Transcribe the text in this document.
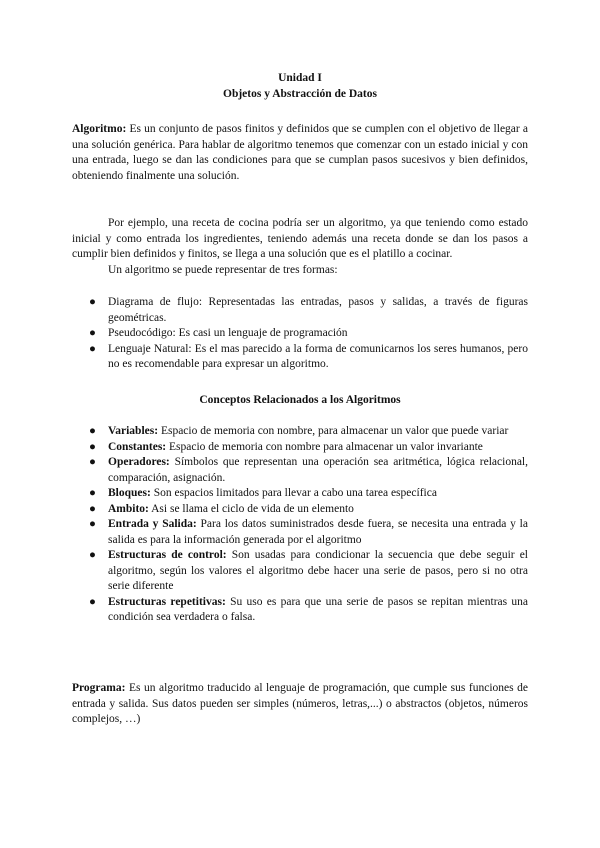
Unidad I
Objetos y Abstracción de Datos

Algoritmo: Es un conjunto de pasos finitos y definidos que se cumplen con el objetivo de llegar a una solución genérica. Para hablar de algoritmo tenemos que comenzar con un estado inicial y con una entrada, luego se dan las condiciones para que se cumplan pasos sucesivos y bien definidos, obteniendo finalmente una solución.

Por ejemplo, una receta de cocina podría ser un algoritmo, ya que teniendo como estado inicial y como entrada los ingredientes, teniendo además una receta donde se dan los pasos a cumplir bien definidos y finitos, se llega a una solución que es el platillo a cocinar.

Un algoritmo se puede representar de tres formas:

● Diagrama de flujo: Representadas las entradas, pasos y salidas, a través de figuras geométricas.
● Pseudocódigo: Es casi un lenguaje de programación
● Lenguaje Natural: Es el mas parecido a la forma de comunicarnos los seres humanos, pero no es recomendable para expresar un algoritmo.
Conceptos Relacionados a los Algoritmos
● Variables: Espacio de memoria con nombre, para almacenar un valor que puede variar
● Constantes: Espacio de memoria con nombre para almacenar un valor invariante
● Operadores: Símbolos que representan una operación sea aritmética, lógica relacional, comparación, asignación.
● Bloques: Son espacios limitados para llevar a cabo una tarea específica
● Ambito: Asi se llama el ciclo de vida de un elemento
● Entrada y Salida: Para los datos suministrados desde fuera, se necesita una entrada y la salida es para la información generada por el algoritmo
● Estructuras de control: Son usadas para condicionar la secuencia que debe seguir el algoritmo, según los valores el algoritmo debe hacer una serie de pasos, pero si no otra serie diferente
● Estructuras repetitivas: Su uso es para que una serie de pasos se repitan mientras una condición sea verdadera o falsa.

Programa: Es un algoritmo traducido al lenguaje de programación, que cumple sus funciones de entrada y salida. Sus datos pueden ser simples (números, letras,...) o abstractos (objetos, números complejos, …)
